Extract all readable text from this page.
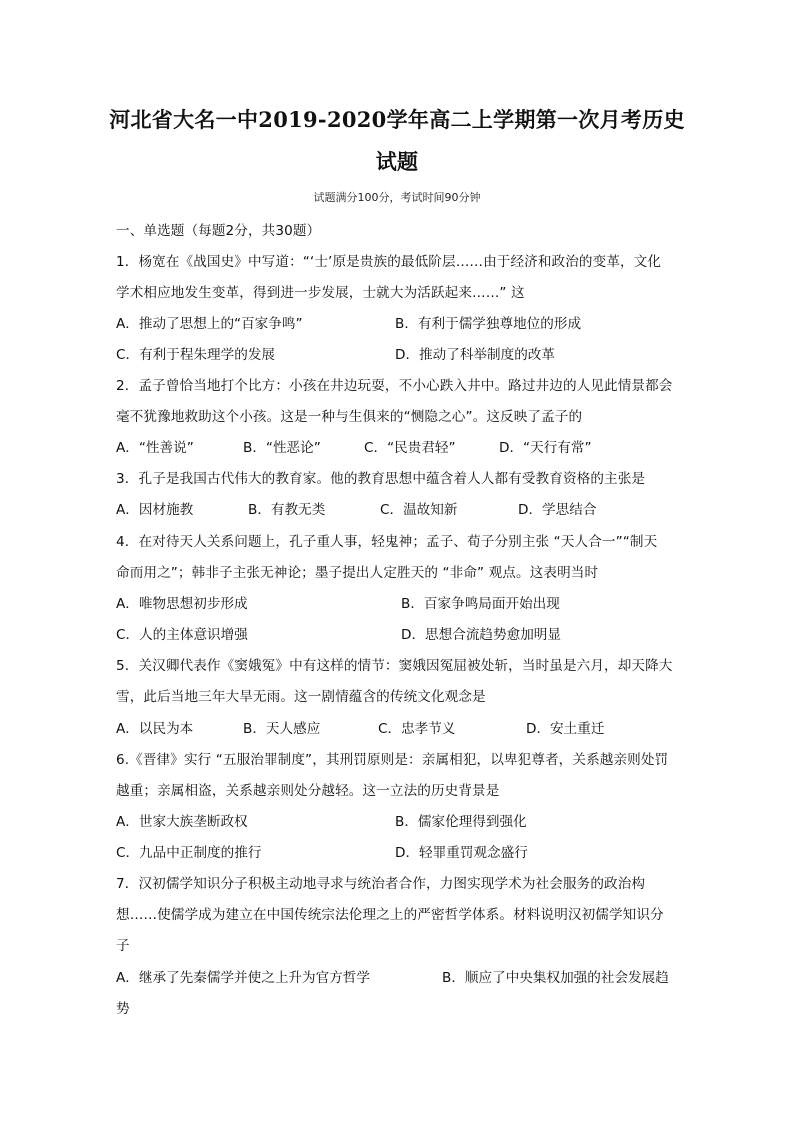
河北省大名一中2019-2020学年高二上学期第一次月考历史
试题
试题满分100分，考试时间90分钟
一、单选题（每题2分，共30题）
1．杨宽在《战国史》中写道：“‘士’原是贵族的最低阶层……由于经济和政治的变革，文化
学术相应地发生变革，得到进一步发展，士就大为活跃起来……” 这
A．推动了思想上的“百家争鸣”	B．有利于儒学独尊地位的形成
C．有利于程朱理学的发展	D．推动了科举制度的改革
2．孟子曾恰当地打个比方：小孩在井边玩耍，不小心跌入井中。路过井边的人见此情景都会
毫不犹豫地救助这个小孩。这是一种与生俱来的“恻隐之心”。这反映了孟子的
A．“性善说”	B．“性恶论”	C．“民贵君轻”	D．“天行有常”
3．孔子是我国古代伟大的教育家。他的教育思想中蕴含着人人都有受教育资格的主张是
A．因材施教	B．有教无类	C．温故知新	D．学思结合
4．在对待天人关系问题上，孔子重人事，轻鬼神；孟子、荀子分别主张 “天人合一”“制天
命而用之”；韩非子主张无神论；墨子提出人定胜天的 “非命” 观点。这表明当时
A．唯物思想初步形成	B．百家争鸣局面开始出现
C．人的主体意识增强	D．思想合流趋势愈加明显
5．关汉卿代表作《窦娥冤》中有这样的情节：窦娥因冤屈被处斩，当时虽是六月，却天降大
雪，此后当地三年大旱无雨。这一剧情蕴含的传统文化观念是
A．以民为本	B．天人感应	C．忠孝节义	D．安土重迁
6.《晋律》实行 “五服治罪制度”，其刑罚原则是：亲属相犯，以卑犯尊者，关系越亲则处罚
越重；亲属相盗，关系越亲则处分越轻。这一立法的历史背景是
A．世家大族垄断政权	B．儒家伦理得到强化
C．九品中正制度的推行	D．轻罪重罚观念盛行
7．汉初儒学知识分子积极主动地寻求与统治者合作，力图实现学术为社会服务的政治构
想……使儒学成为建立在中国传统宗法伦理之上的严密哲学体系。材料说明汉初儒学知识分
子
A．继承了先秦儒学并使之上升为官方哲学	B．顺应了中央集权加强的社会发展趋
势
